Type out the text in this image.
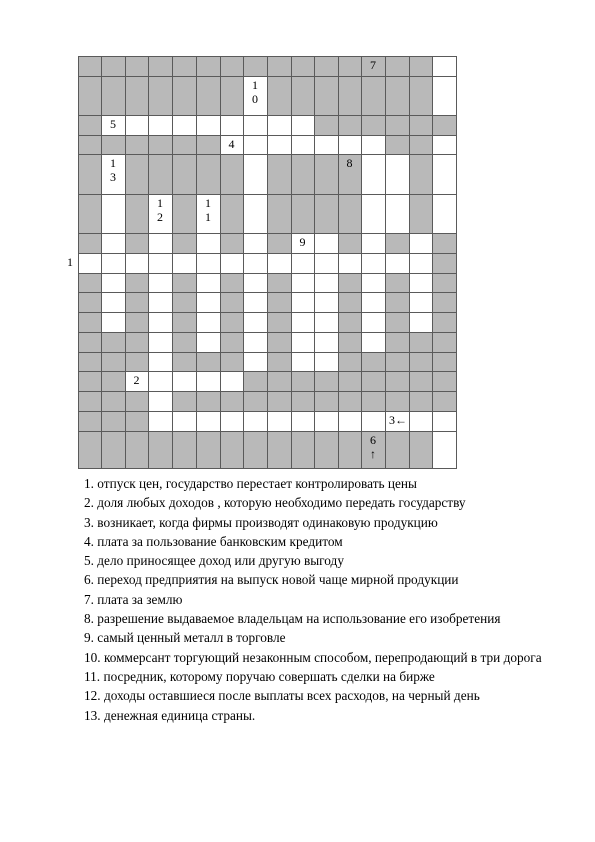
7
1
0
5
4
1
3
8
1
2
1
1
9
1
2
3←
6
↑
1. отпуск цен, государство перестает контролировать цены
2. доля любых доходов , которую необходимо передать государству
3. возникает, когда фирмы производят одинаковую продукцию
4. плата за пользование банковским кредитом
5. дело приносящее доход или другую выгоду
6. переход предприятия на выпуск новой чаще мирной продукции
7. плата за землю
8. разрешение выдаваемое владельцам на использование его изобретения
9. самый ценный металл в торговле
10. коммерсант торгующий незаконным способом, перепродающий в три дорога
11. посредник, которому поручаю совершать сделки на бирже
12. доходы оставшиеся после выплаты всех расходов, на черный день
13. денежная единица страны.
